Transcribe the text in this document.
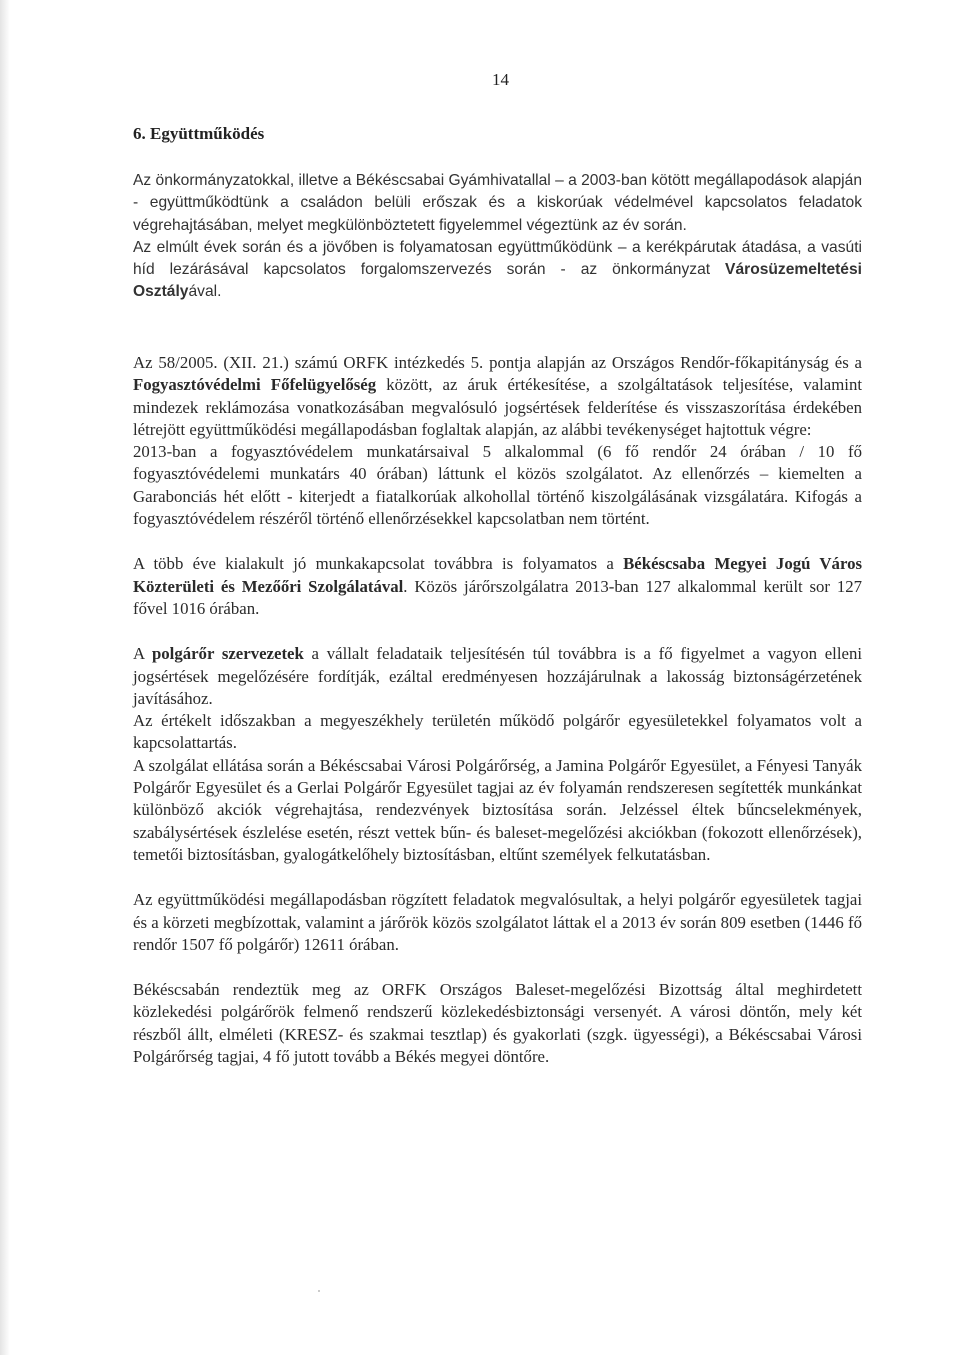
14
6. Együttműködés

Az önkormányzatokkal, illetve a Békéscsabai Gyámhivatallal – a 2003-ban kötött megállapodások alapján - együttműködtünk a családon belüli erőszak és a kiskorúak védelmével kapcsolatos feladatok végrehajtásában, melyet megkülönböztetett figyelemmel végeztünk az év során.

Az elmúlt évek során és a jövőben is folyamatosan együttműködünk – a kerékpárutak átadása, a vasúti híd lezárásával kapcsolatos forgalomszervezés során - az önkormányzat Városüzemeltetési Osztályával.

Az 58/2005. (XII. 21.) számú ORFK intézkedés 5. pontja alapján az Országos Rendőr-főkapitányság és a Fogyasztóvédelmi Főfelügyelőség között, az áruk értékesítése, a szolgáltatások teljesítése, valamint mindezek reklámozása vonatkozásában megvalósuló jogsértések felderítése és visszaszorítása érdekében létrejött együttműködési megállapodásban foglaltak alapján, az alábbi tevékenységet hajtottuk végre:

2013-ban a fogyasztóvédelem munkatársaival 5 alkalommal (6 fő rendőr 24 órában / 10 fő fogyasztóvédelemi munkatárs 40 órában) láttunk el közös szolgálatot. Az ellenőrzés – kiemelten a Garabonciás hét előtt - kiterjedt a fiatalkorúak alkohollal történő kiszolgálásának vizsgálatára. Kifogás a fogyasztóvédelem részéről történő ellenőrzésekkel kapcsolatban nem történt.

A több éve kialakult jó munkakapcsolat továbbra is folyamatos a Békéscsaba Megyei Jogú Város Közterületi és Mezőőri Szolgálatával. Közös járőrszolgálatra 2013-ban 127 alkalommal került sor 127 fővel 1016 órában.

A polgárőr szervezetek a vállalt feladataik teljesítésén túl továbbra is a fő figyelmet a vagyon elleni jogsértések megelőzésére fordítják, ezáltal eredményesen hozzájárulnak a lakosság biztonságérzetének javításához.

Az értékelt időszakban a megyeszékhely területén működő polgárőr egyesületekkel folyamatos volt a kapcsolattartás.

A szolgálat ellátása során a Békéscsabai Városi Polgárőrség, a Jamina Polgárőr Egyesület, a Fényesi Tanyák Polgárőr Egyesület és a Gerlai Polgárőr Egyesület tagjai az év folyamán rendszeresen segítették munkánkat különböző akciók végrehajtása, rendezvények biztosítása során. Jelzéssel éltek bűncselekmények, szabálysértések észlelése esetén, részt vettek bűn- és baleset-megelőzési akciókban (fokozott ellenőrzések), temetői biztosításban, gyalogátkelőhely biztosításban, eltűnt személyek felkutatásban.

Az együttműködési megállapodásban rögzített feladatok megvalósultak, a helyi polgárőr egyesületek tagjai és a körzeti megbízottak, valamint a járőrök közös szolgálatot láttak el a 2013 év során 809 esetben (1446 fő rendőr 1507 fő polgárőr) 12611 órában.

Békéscsabán rendeztük meg az ORFK Országos Baleset-megelőzési Bizottság által meghirdetett közlekedési polgárőrök felmenő rendszerű közlekedésbiztonsági versenyét. A városi döntőn, mely két részből állt, elméleti (KRESZ- és szakmai tesztlap) és gyakorlati (szgk. ügyességi), a Békéscsabai Városi Polgárőrség tagjai, 4 fő jutott tovább a Békés megyei döntőre.
